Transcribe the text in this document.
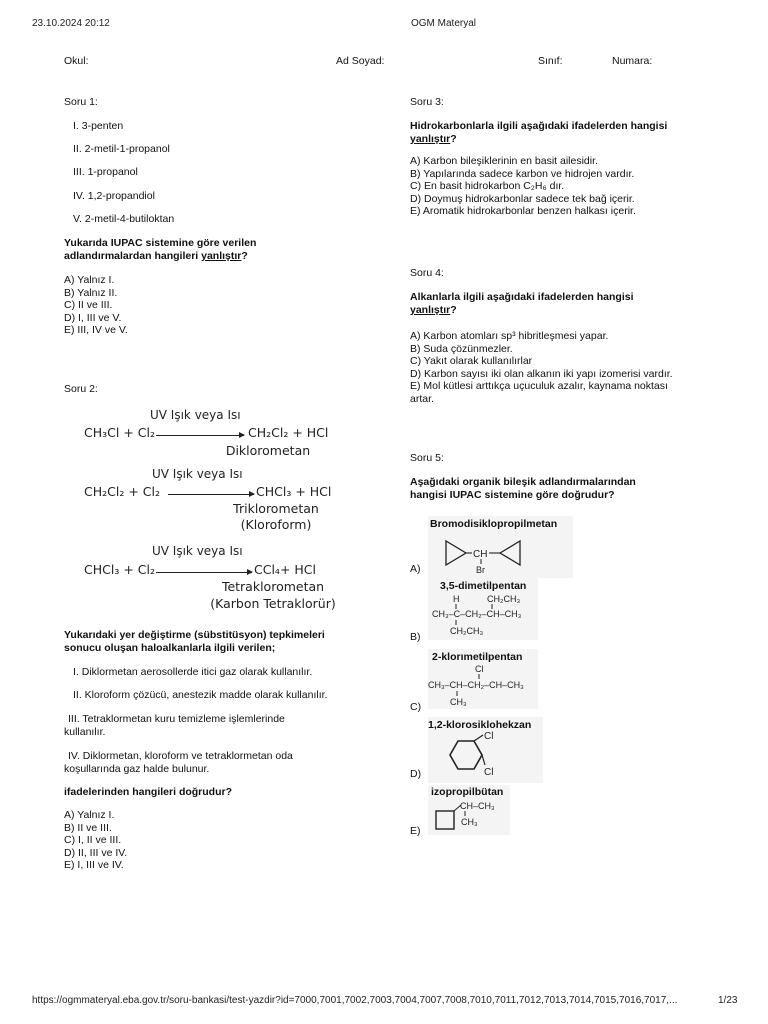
23.10.2024 20:12	OGM Materyal
Okul:	Ad Soyad:	Sınıf:	Numara:
Soru 1:
I. 3-penten
II. 2-metil-1-propanol
III. 1-propanol
IV. 1,2-propandiol
V. 2-metil-4-butiloktan
Yukarıda IUPAC sistemine göre verilen
adlandırmalardan hangileri yanlıştır?
A) Yalnız I.
B) Yalnız II.
C) II ve III.
D) I, III ve V.
E) III, IV ve V.
Soru 2:
UV Işık veya Isı
CH₃Cl + Cl₂	CH₂Cl₂ + HCl
Diklorometan
UV Işık veya Isı
CH₂Cl₂ + Cl₂	CHCl₃ + HCl
Triklorometan
(Kloroform)
UV Işık veya Isı
CHCl₃ + Cl₂	CCl₄+ HCl
Tetraklorometan
(Karbon Tetraklorür)
Yukarıdaki yer değiştirme (sübstitüsyon) tepkimeleri
sonucu oluşan haloalkanlarla ilgili verilen;
I. Diklormetan aerosollerde itici gaz olarak kullanılır.
II. Kloroform çözücü, anestezik madde olarak kullanılır.
III. Tetraklormetan kuru temizleme işlemlerinde
kullanılır.
IV. Diklormetan, kloroform ve tetraklormetan oda
koşullarında gaz halde bulunur.
ifadelerinden hangileri doğrudur?
A) Yalnız I.
B) II ve III.
C) I, II ve III.
D) II, III ve IV.
E) I, III ve IV.
Soru 3:
Hidrokarbonlarla ilgili aşağıdaki ifadelerden hangisi
yanlıştır?
A) Karbon bileşiklerinin en basit ailesidir.
B) Yapılarında sadece karbon ve hidrojen vardır.
C) En basit hidrokarbon C₂H₆ dır.
D) Doymuş hidrokarbonlar sadece tek bağ içerir.
E) Aromatik hidrokarbonlar benzen halkası içerir.
Soru 4:
Alkanlarla ilgili aşağıdaki ifadelerden hangisi
yanlıştır?
A) Karbon atomları sp³ hibritleşmesi yapar.
B) Suda çözünmezler.
C) Yakıt olarak kullanılırlar
D) Karbon sayısı iki olan alkanın iki yapı izomerisi vardır.
E) Mol kütlesi arttıkça uçuculuk azalır, kaynama noktası
artar.
Soru 5:
Aşağıdaki organik bileşik adlandırmalarından
hangisi IUPAC sistemine göre doğrudur?
Bromodisiklopropilmetan
CH
Br
A)
3,5-dimetilpentan
H	CH₂CH₃
CH₃–C–CH₂–CH–CH₃
CH₂CH₃
B)
2-klorımetilpentan
Cl
CH₃–CH–CH₂–CH–CH₃
CH₃
C)
1,2-klorosiklohekzan
Cl
Cl
D)
izopropilbütan
CH–CH₃
CH₃
E)
https://ogmmateryal.eba.gov.tr/soru-bankasi/test-yazdir?id=7000,7001,7002,7003,7004,7007,7008,7010,7011,7012,7013,7014,7015,7016,7017,...	1/23
